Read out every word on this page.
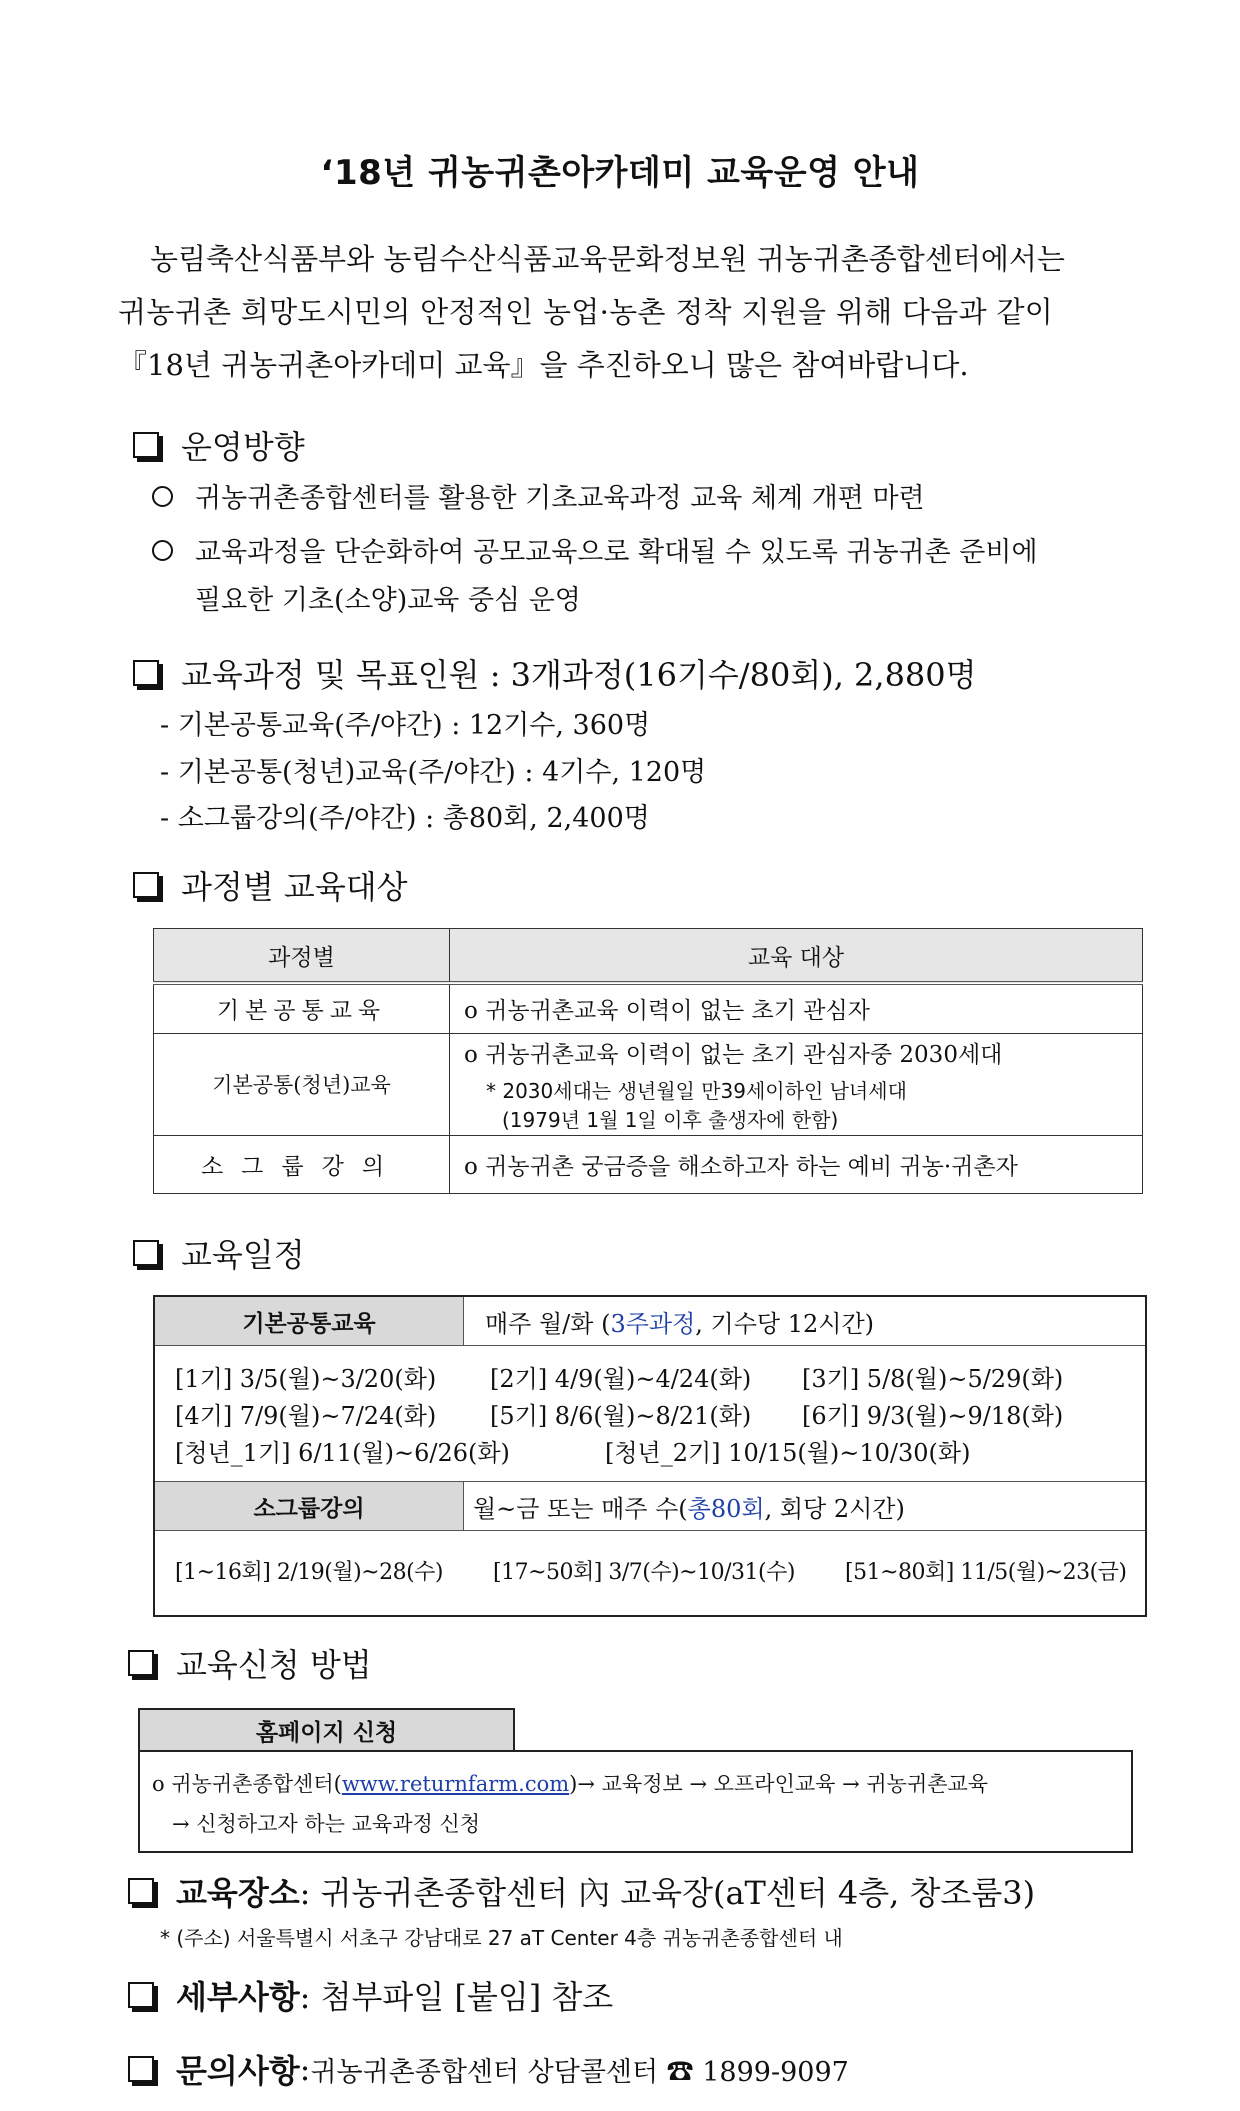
‘18년 귀농귀촌아카데미 교육운영 안내
농림축산식품부와 농림수산식품교육문화정보원 귀농귀촌종합센터에서는
귀농귀촌 희망도시민의 안정적인 농업·농촌 정착 지원을 위해 다음과 같이
『18년 귀농귀촌아카데미 교육』을 추진하오니 많은 참여바랍니다.
운영방향
귀농귀촌종합센터를 활용한 기초교육과정 교육 체계 개편 마련
교육과정을 단순화하여 공모교육으로 확대될 수 있도록 귀농귀촌 준비에
필요한 기초(소양)교육 중심 운영
교육과정 및 목표인원 : 3개과정(16기수/80회), 2,880명
- 기본공통교육(주/야간) : 12기수, 360명
- 기본공통(청년)교육(주/야간) : 4기수, 120명
- 소그룹강의(주/야간) : 총80회, 2,400명
과정별 교육대상
과정별	교육 대상
기본공통교육	o 귀농귀촌교육 이력이 없는 초기 관심자
기본공통(청년)교육	o 귀농귀촌교육 이력이 없는 초기 관심자중 2030세대
* 2030세대는 생년월일 만39세이하인 남녀세대
(1979년 1월 1일 이후 출생자에 한함)

소그룹강의	o 귀농귀촌 궁금증을 해소하고자 하는 예비 귀농·귀촌자
교육일정
기본공통교육	매주 월/화 ( 3주과정 , 기수당 12시간)
[1기] 3/5(월)~3/20(화) [2기] 4/9(월)~4/24(화) [3기] 5/8(월)~5/29(화)
[4기] 7/9(월)~7/24(화) [5기] 8/6(월)~8/21(화) [6기] 9/3(월)~9/18(화)
[청년_1기] 6/11(월)~6/26(화)	[청년_2기] 10/15(월)~10/30(화)
소그룹강의	월~금 또는 매주 수( 총80회 , 회당 2시간)
[1~16회] 2/19(월)~28(수) [17~50회] 3/7(수)~10/31(수) [51~80회] 11/5(월)~23(금)
교육신청 방법
홈페이지 신청
o 귀농귀촌종합센터(www.returnfarm.com)→ 교육정보 → 오프라인교육 → 귀농귀촌교육
→ 신청하고자 하는 교육과정 신청
교육장소 : 귀농귀촌종합센터 內 교육장(aT센터 4층, 창조룸3)
* (주소) 서울특별시 서초구 강남대로 27 aT Center 4층 귀농귀촌종합센터 내
세부사항 : 첨부파일 [붙임] 참조
문의사항 : 귀농귀촌종합센터 상담콜센터 ☎ 1899-9097
